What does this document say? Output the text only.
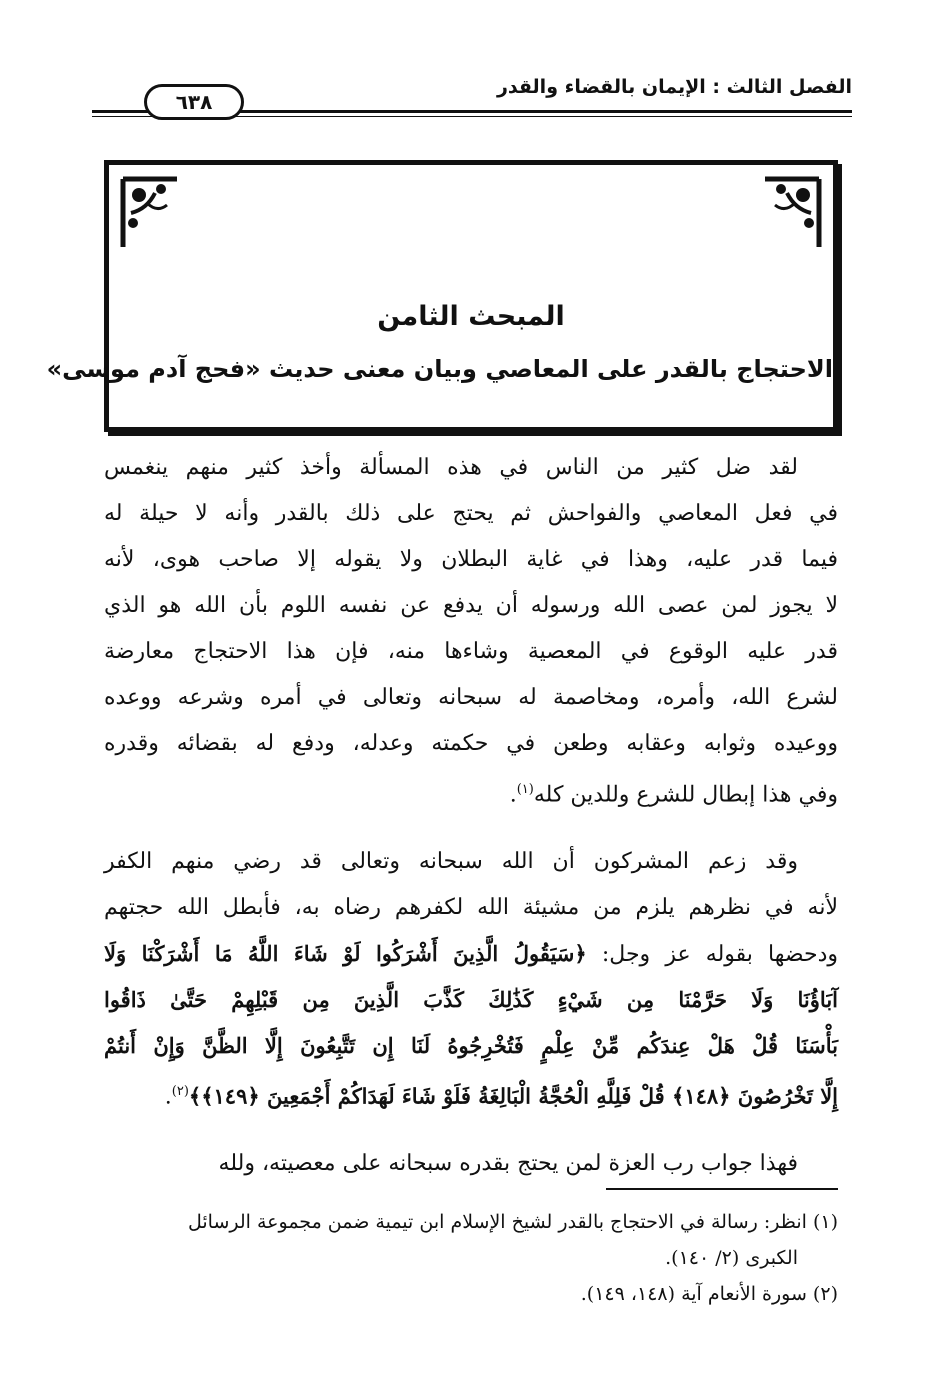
الفصل الثالث : الإيمان بالقضاء والقدر
٦٣٨
المبحث الثامن
الاحتجاج بالقدر على المعاصي وبيان معنى حديث «فحج آدم موسى»
لقد ضل كثير من الناس في هذه المسألة وأخذ كثير منهم ينغمس
في فعل المعاصي والفواحش ثم يحتج على ذلك بالقدر وأنه لا حيلة له
فيما قدر عليه، وهذا في غاية البطلان ولا يقوله إلا صاحب هوى، لأنه
لا يجوز لمن عصى الله ورسوله أن يدفع عن نفسه اللوم بأن الله هو الذي
قدر عليه الوقوع في المعصية وشاءها منه، فإن هذا الاحتجاج معارضة
لشرع الله، وأمره، ومخاصمة له سبحانه وتعالى في أمره وشرعه ووعده
ووعيده وثوابه وعقابه وطعن في حكمته وعدله، ودفع له بقضائه وقدره
وفي هذا إبطال للشرع وللدين كله$^{(١)}$.
وقد زعم المشركون أن الله سبحانه وتعالى قد رضي منهم الكفر
لأنه في نظرهم يلزم من مشيئة الله لكفرهم رضاه به، فأبطل الله حجتهم
ودحضها بقوله عز وجل: ﴿سَيَقُولُ الَّذِينَ أَشْرَكُوا لَوْ شَاءَ اللَّهُ مَا أَشْرَكْنَا وَلَا
آبَاؤُنَا وَلَا حَرَّمْنَا مِن شَيْءٍ كَذَٰلِكَ كَذَّبَ الَّذِينَ مِن قَبْلِهِمْ حَتَّىٰ ذَاقُوا
بَأْسَنَا قُلْ هَلْ عِندَكُم مِّنْ عِلْمٍ فَتُخْرِجُوهُ لَنَا إِن تَتَّبِعُونَ إِلَّا الظَّنَّ وَإِنْ أَنتُمْ
إِلَّا تَخْرُصُونَ ﴿١٤٨﴾ قُلْ فَلِلَّهِ الْحُجَّةُ الْبَالِغَةُ فَلَوْ شَاءَ لَهَدَاكُمْ أَجْمَعِينَ ﴿١٤٩﴾﴾$^{(٢)}$.
فهذا جواب رب العزة لمن يحتج بقدره سبحانه على معصيته، ولله
(١) انظر: رسالة في الاحتجاج بالقدر لشيخ الإسلام ابن تيمية ضمن مجموعة الرسائل
الكبرى (٢/ ١٤٠).
(٢) سورة الأنعام آية (١٤٨، ١٤٩).
